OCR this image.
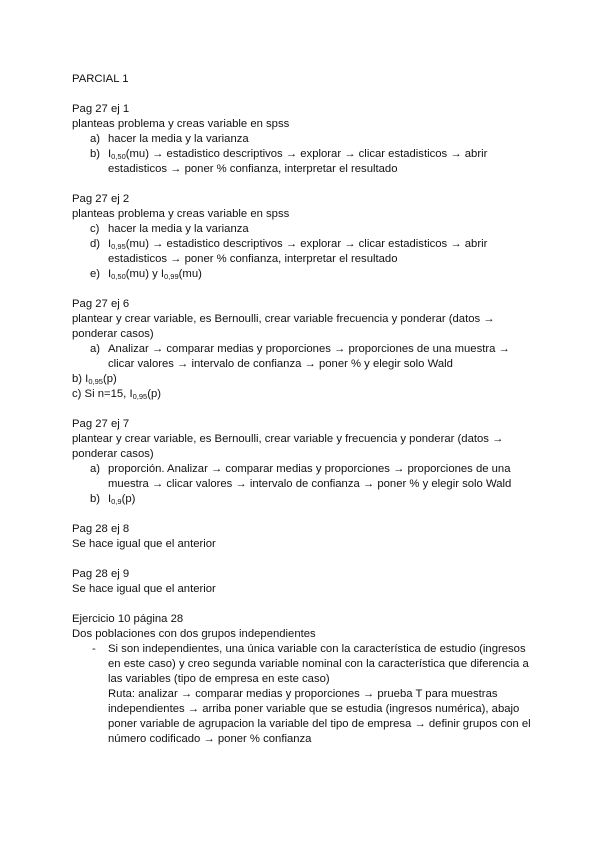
PARCIAL 1
Pag 27 ej 1
planteas problema y creas variable en spss
a) hacer la media y la varianza
b) $I_{0,50}(mu)$ → estadistico descriptivos → explorar → clicar estadisticos → abrir estadisticos → poner % confianza, interpretar el resultado
Pag 27 ej 2
planteas problema y creas variable en spss
c) hacer la media y la varianza
d) $I_{0,95}(mu)$ → estadistico descriptivos → explorar → clicar estadisticos → abrir estadisticos → poner % confianza, interpretar el resultado
e) $I_{0,50}(mu)$ y $I_{0,99}(mu)$
Pag 27 ej 6
plantear y crear variable, es Bernoulli, crear variable frecuencia y ponderar (datos → ponderar casos)
a) Analizar → comparar medias y proporciones → proporciones de una muestra → clicar valores → intervalo de confianza → poner % y elegir solo Wald
b) $I_{0,95}(p)$
c) Si n=15, $I_{0,95}(p)$
Pag 27 ej 7
plantear y crear variable, es Bernoulli, crear variable y frecuencia y ponderar (datos → ponderar casos)
a) proporción. Analizar → comparar medias y proporciones → proporciones de una muestra → clicar valores → intervalo de confianza → poner % y elegir solo Wald
b) $I_{0,9}(p)$
Pag 28 ej 8
Se hace igual que el anterior
Pag 28 ej 9
Se hace igual que el anterior
Ejercicio 10 página 28
Dos poblaciones con dos grupos independientes
- Si son independientes, una única variable con la característica de estudio (ingresos en este caso) y creo segunda variable nominal con la característica que diferencia a las variables (tipo de empresa en este caso)
Ruta: analizar → comparar medias y proporciones → prueba T para muestras independientes → arriba poner variable que se estudia (ingresos numérica), abajo poner variable de agrupacion la variable del tipo de empresa → definir grupos con el número codificado → poner % confianza
